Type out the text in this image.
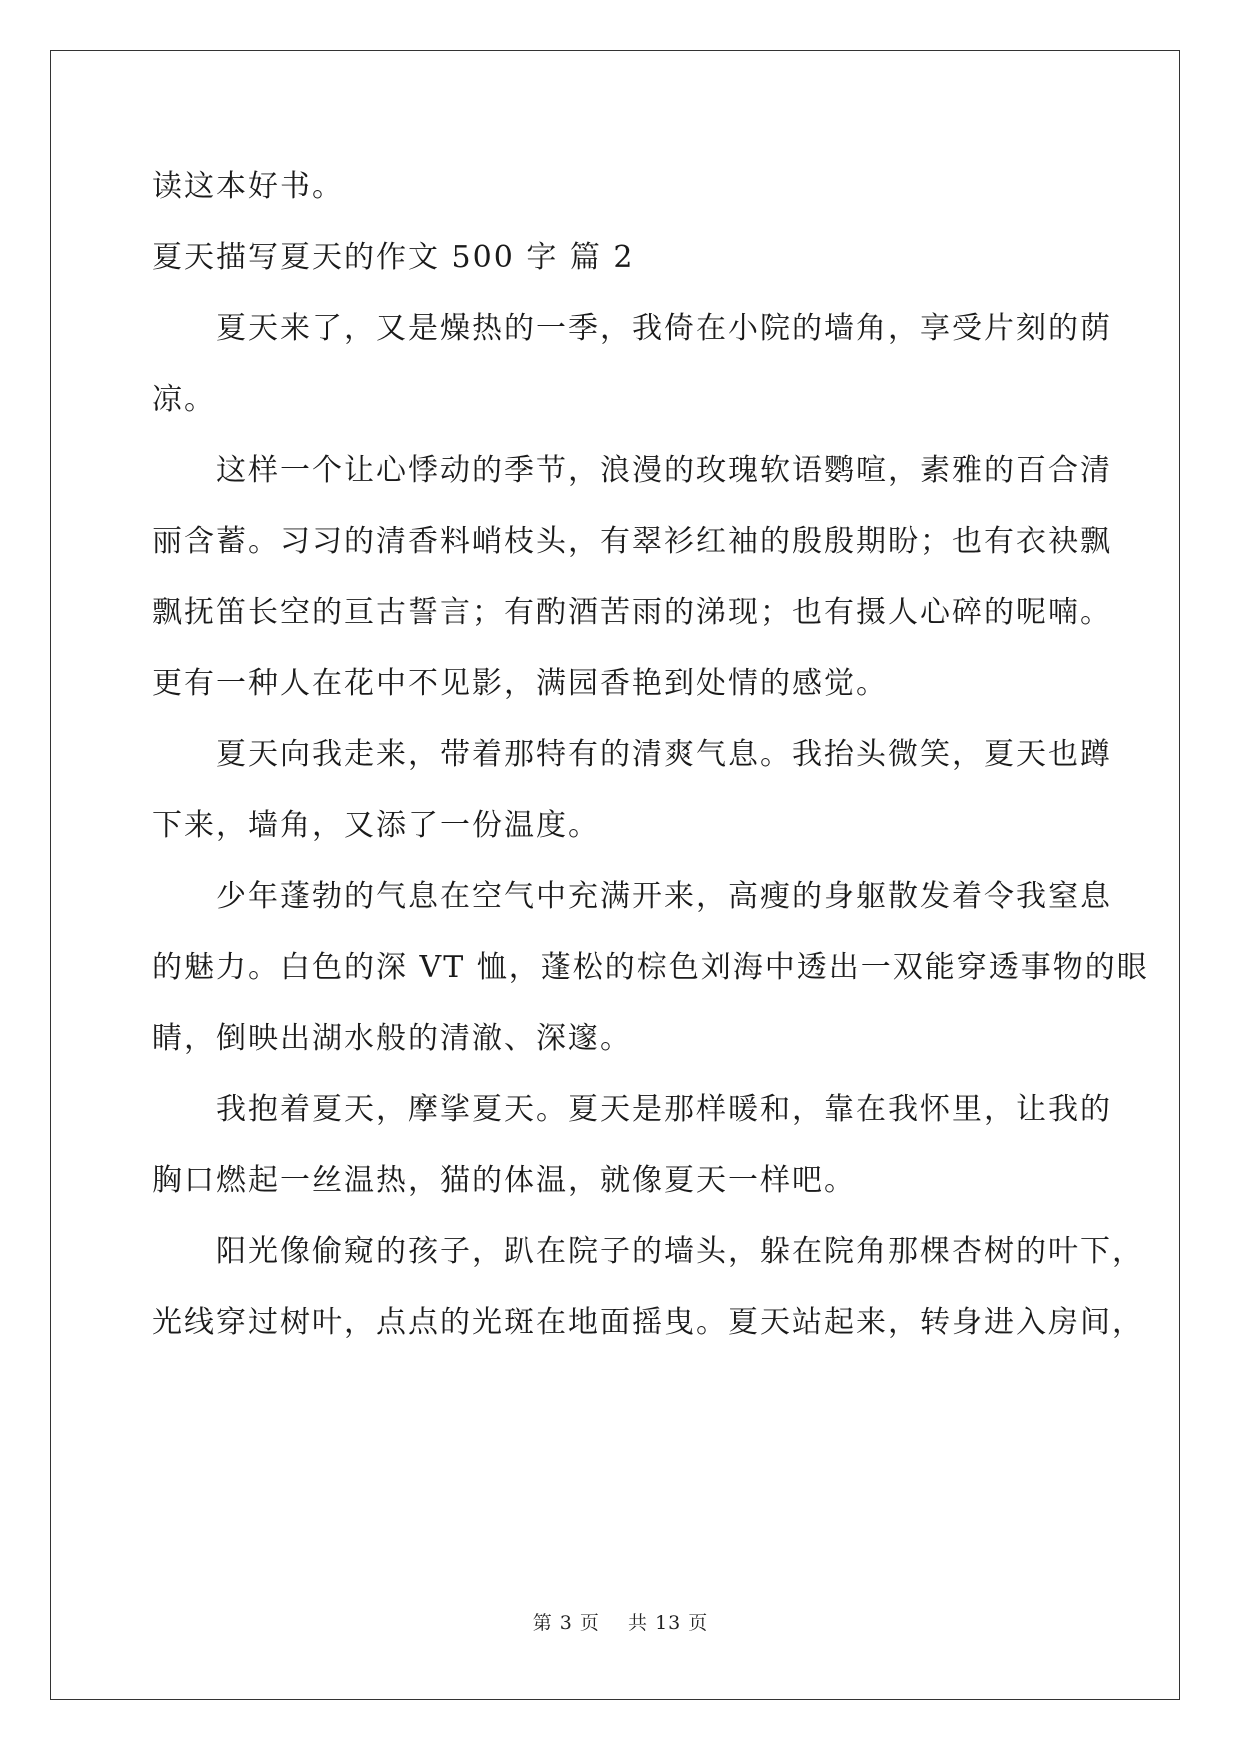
读这本好书。
夏天描写夏天的作文 500 字 篇 2
夏天来了，又是燥热的一季，我倚在小院的墙角，享受片刻的荫
凉。
这样一个让心悸动的季节，浪漫的玫瑰软语鹦喧，素雅的百合清
丽含蓄。习习的清香料峭枝头，有翠衫红袖的殷殷期盼；也有衣袂飘
飘抚笛长空的亘古誓言；有酌酒苦雨的涕现；也有摄人心碎的呢喃。
更有一种人在花中不见影，满园香艳到处情的感觉。
夏天向我走来，带着那特有的清爽气息。我抬头微笑，夏天也蹲
下来，墙角，又添了一份温度。
少年蓬勃的气息在空气中充满开来，高瘦的身躯散发着令我窒息
的魅力。白色的深 VT 恤，蓬松的棕色刘海中透出一双能穿透事物的眼
睛，倒映出湖水般的清澈、深邃。
我抱着夏天，摩挲夏天。夏天是那样暖和，靠在我怀里，让我的
胸口燃起一丝温热，猫的体温，就像夏天一样吧。
阳光像偷窥的孩子，趴在院子的墙头，躲在院角那棵杏树的叶下，
光线穿过树叶，点点的光斑在地面摇曳。夏天站起来，转身进入房间，
第 3 页 共 13 页
